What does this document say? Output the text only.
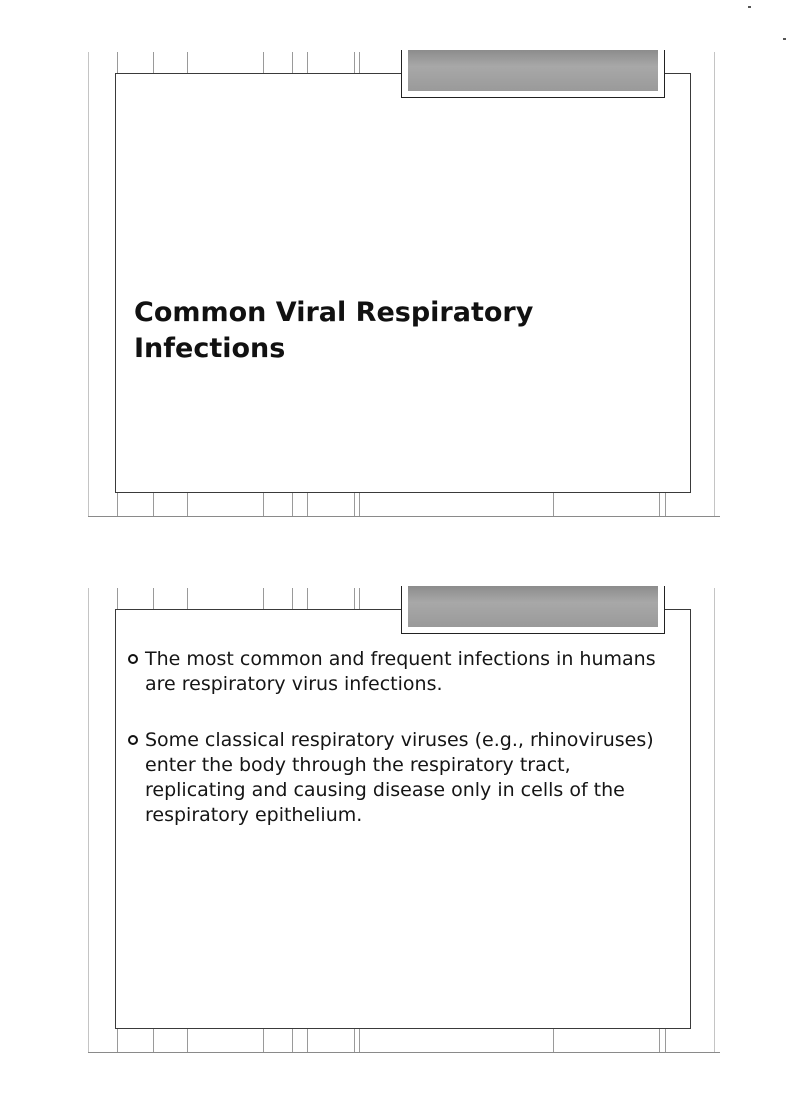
Common Viral Respiratory Infections
The most common and frequent infections in humans are respiratory virus infections.
Some classical respiratory viruses (e.g., rhinoviruses) enter the body through the respiratory tract, replicating and causing disease only in cells of the respiratory epithelium.
